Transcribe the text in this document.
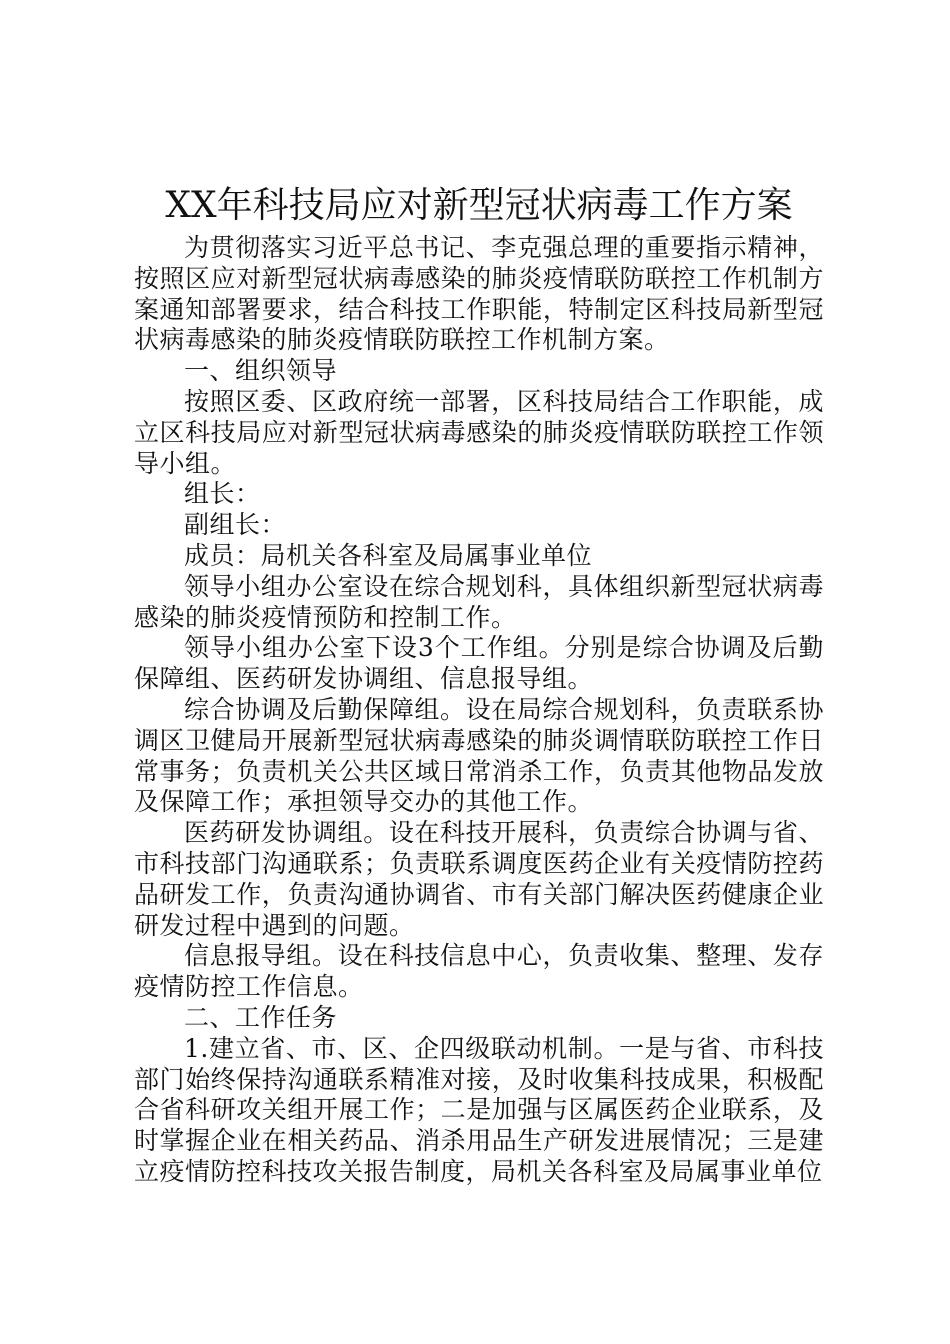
XX年科技局应对新型冠状病毒工作方案

为贯彻落实习近平总书记、李克强总理的重要指示精神，按照区应对新型冠状病毒感染的肺炎疫情联防联控工作机制方案通知部署要求，结合科技工作职能，特制定区科技局新型冠状病毒感染的肺炎疫情联防联控工作机制方案。

一、组织领导

按照区委、区政府统一部署，区科技局结合工作职能，成立区科技局应对新型冠状病毒感染的肺炎疫情联防联控工作领导小组。

组长：

副组长：

成员：局机关各科室及局属事业单位

领导小组办公室设在综合规划科，具体组织新型冠状病毒感染的肺炎疫情预防和控制工作。

领导小组办公室下设3个工作组。分别是综合协调及后勤保障组、医药研发协调组、信息报导组。

综合协调及后勤保障组。设在局综合规划科，负责联系协调区卫健局开展新型冠状病毒感染的肺炎调情联防联控工作日常事务；负责机关公共区域日常消杀工作，负责其他物品发放及保障工作；承担领导交办的其他工作。

医药研发协调组。设在科技开展科，负责综合协调与省、市科技部门沟通联系；负责联系调度医药企业有关疫情防控药品研发工作，负责沟通协调省、市有关部门解决医药健康企业研发过程中遇到的问题。

信息报导组。设在科技信息中心，负责收集、整理、发存疫情防控工作信息。

二、工作任务

1.建立省、市、区、企四级联动机制。一是与省、市科技部门始终保持沟通联系精准对接，及时收集科技成果，积极配合省科研攻关组开展工作；二是加强与区属医药企业联系，及时掌握企业在相关药品、消杀用品生产研发进展情况；三是建立疫情防控科技攻关报告制度，局机关各科室及局属事业单位
